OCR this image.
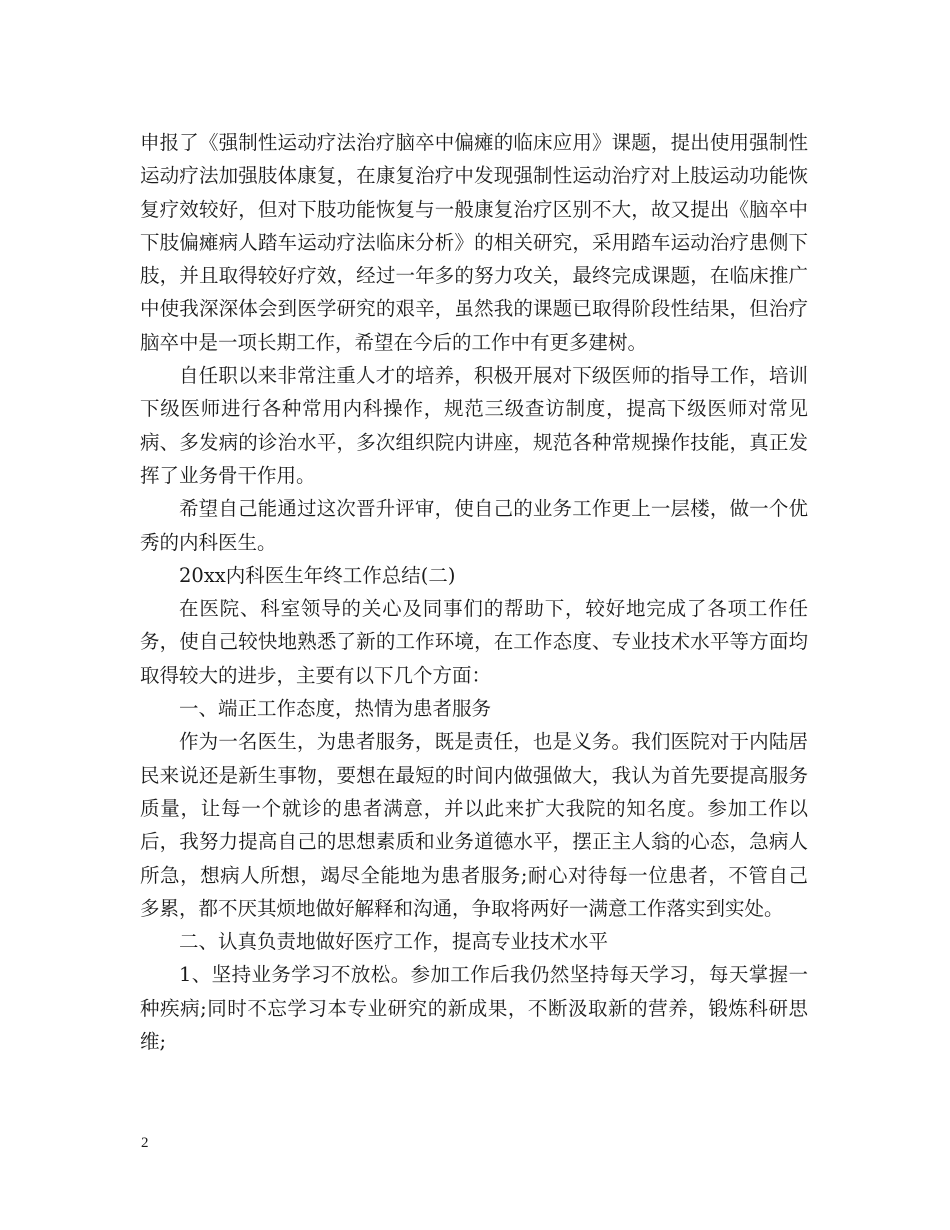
申报了《强制性运动疗法治疗脑卒中偏瘫的临床应用》课题，提出使用强制性运动疗法加强肢体康复，在康复治疗中发现强制性运动治疗对上肢运动功能恢复疗效较好，但对下肢功能恢复与一般康复治疗区别不大，故又提出《脑卒中下肢偏瘫病人踏车运动疗法临床分析》的相关研究，采用踏车运动治疗患侧下肢，并且取得较好疗效，经过一年多的努力攻关，最终完成课题，在临床推广中使我深深体会到医学研究的艰辛，虽然我的课题已取得阶段性结果，但治疗脑卒中是一项长期工作，希望在今后的工作中有更多建树。

自任职以来非常注重人才的培养，积极开展对下级医师的指导工作，培训下级医师进行各种常用内科操作，规范三级查访制度，提高下级医师对常见病、多发病的诊治水平，多次组织院内讲座，规范各种常规操作技能，真正发挥了业务骨干作用。

希望自己能通过这次晋升评审，使自己的业务工作更上一层楼，做一个优秀的内科医生。

20xx内科医生年终工作总结(二)

在医院、科室领导的关心及同事们的帮助下，较好地完成了各项工作任务，使自己较快地熟悉了新的工作环境，在工作态度、专业技术水平等方面均取得较大的进步，主要有以下几个方面：

一、端正工作态度，热情为患者服务

作为一名医生，为患者服务，既是责任，也是义务。我们医院对于内陆居民来说还是新生事物，要想在最短的时间内做强做大，我认为首先要提高服务质量，让每一个就诊的患者满意，并以此来扩大我院的知名度。参加工作以后，我努力提高自己的思想素质和业务道德水平，摆正主人翁的心态，急病人所急，想病人所想，竭尽全能地为患者服务;耐心对待每一位患者，不管自己多累，都不厌其烦地做好解释和沟通，争取将两好一满意工作落实到实处。

二、认真负责地做好医疗工作，提高专业技术水平

1、坚持业务学习不放松。参加工作后我仍然坚持每天学习，每天掌握一种疾病;同时不忘学习本专业研究的新成果，不断汲取新的营养，锻炼科研思维;

2
